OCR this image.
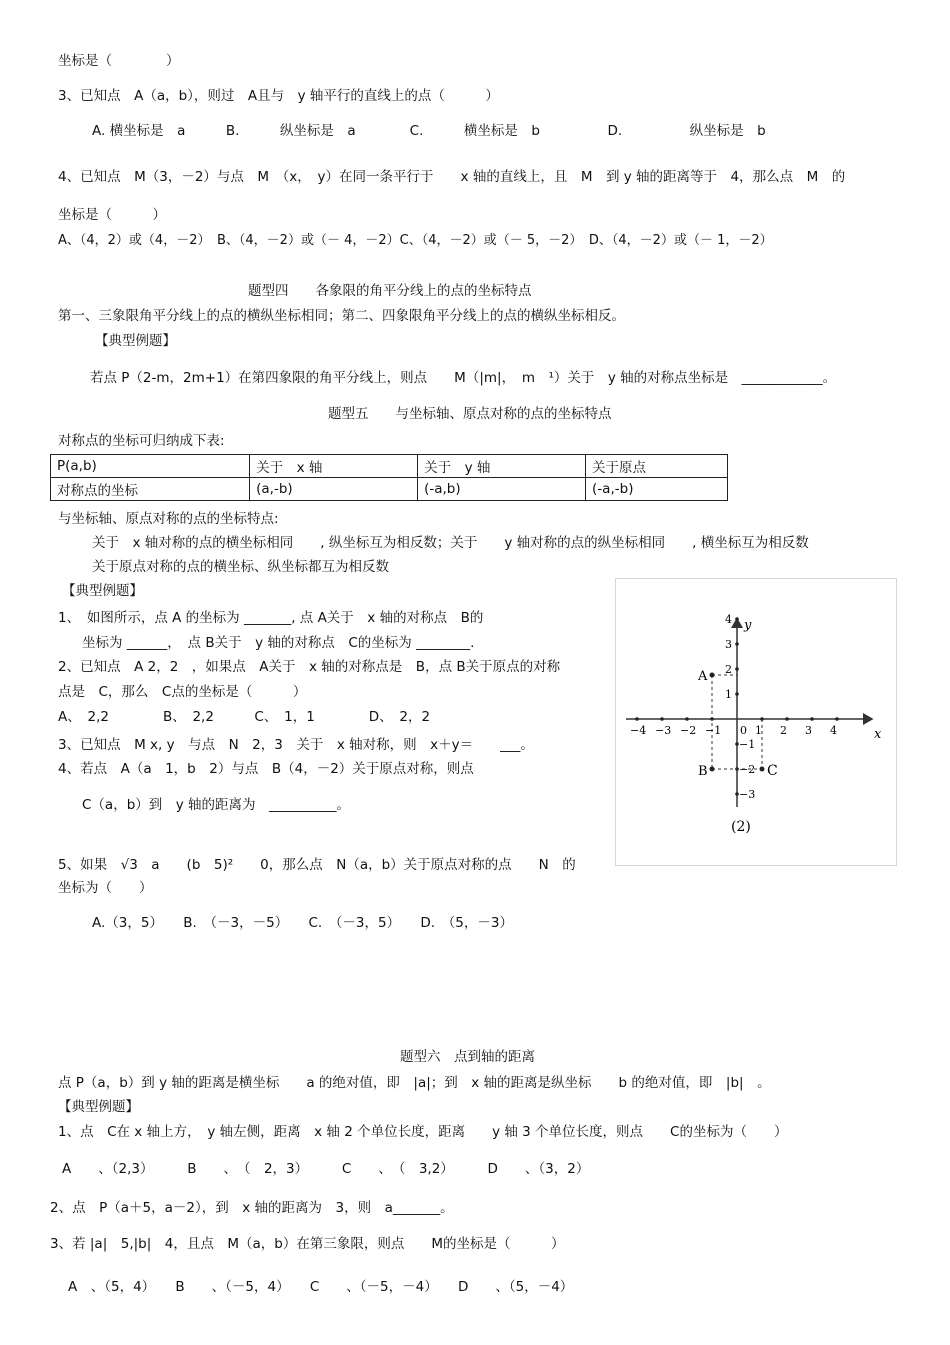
坐标是（　　　　）
3、已知点　A（a，b），则过　A且与　y 轴平行的直线上的点（　　　）
A. 横坐标是　a　　　B.　　　纵坐标是　a　　　　C.　　　横坐标是　b　　　　　D.　　　　　纵坐标是　b
4、已知点　M（3，－2）与点　M　（x，　y）在同一条平行于　　x 轴的直线上，且　M　到 y 轴的距离等于　4，那么点　M　的
坐标是（　　　）
A、（4，2）或（4，－2）　B、（4，－2）或（－ 4，－2）C、（4，－2）或（－ 5，－2）　D、（4，－2）或（－ 1，－2）
题型四　　各象限的角平分线上的点的坐标特点
第一、三象限角平分线上的点的横纵坐标相同；第二、四象限角平分线上的点的横纵坐标相反。
【典型例题】
若点 P（2-m，2m+1）在第四象限的角平分线上，则点　　M（|m|，　m　¹）关于　y 轴的对称点坐标是　____________。
题型五　　与坐标轴、原点对称的点的坐标特点
对称点的坐标可归纳成下表:
P(a,b)	关于　x 轴	关于　y 轴	关于原点
对称点的坐标	(a,-b)	(-a,b)	(-a,-b)
与坐标轴、原点对称的点的坐标特点:
关于　x 轴对称的点的横坐标相同　　, 纵坐标互为相反数；关于　　y 轴对称的点的纵坐标相同　　, 横坐标互为相反数
关于原点对称的点的横坐标、纵坐标都互为相反数
【典型例题】
1、　如图所示，点 A 的坐标为 _______, 点 A关于　x 轴的对称点　B的
坐标为 ______，　点 B关于　y 轴的对称点　C的坐标为 ________.
2、已知点　A 2，2　，如果点　A关于　x 轴的对称点是　B，点 B关于原点的对称
点是　C，那么　C点的坐标是（　　　）
A、　2,2　　　　B、　2,2　　　C、　1，1　　　　D、　2，2
3、已知点　M x, y　与点　N　2，3　关于　x 轴对称，则　x＋y＝　　___。
4、若点　A（a　1，b　2）与点　B（4，－2）关于原点对称，则点
C（a，b）到　y 轴的距离为　__________。
5、如果　√3　a　　(b　5)²　　0，那么点　N（a，b）关于原点对称的点　　N　的
坐标为（　　）
A.（3，5）　　B.　（－3，－5）　　C.　（－3，5）　　D.　（5，－3）
−4 −3 −2 −1 0 1 2 3 4
4
3
2
1
−1
−2
−3
x
y
A
B	C
(2)
题型六　点到轴的距离
点 P（a，b）到 y 轴的距离是横坐标　　a 的绝对值，即　|a|；到　x 轴的距离是纵坐标　　b 的绝对值，即　|b|　。
【典型例题】
1、点　C在 x 轴上方，　y 轴左侧，距离　x 轴 2 个单位长度，距离　　y 轴 3 个单位长度，则点　　C的坐标为（　　）
A　　、（2,3）　　　B　　、　（　2，3）　　　C　　、　（　3,2）　　　D　　、（3，2）
2、点　P（a＋5，a－2），到　x 轴的距离为　3，则　a_______。
3、若 |a|　5,|b|　4，且点　M（a，b）在第三象限，则点　　M的坐标是（　　　）
A　、（5，4）　　B　　、（－5，4）　　C　　、（－5，－4）　　D　　、（5，－4）
